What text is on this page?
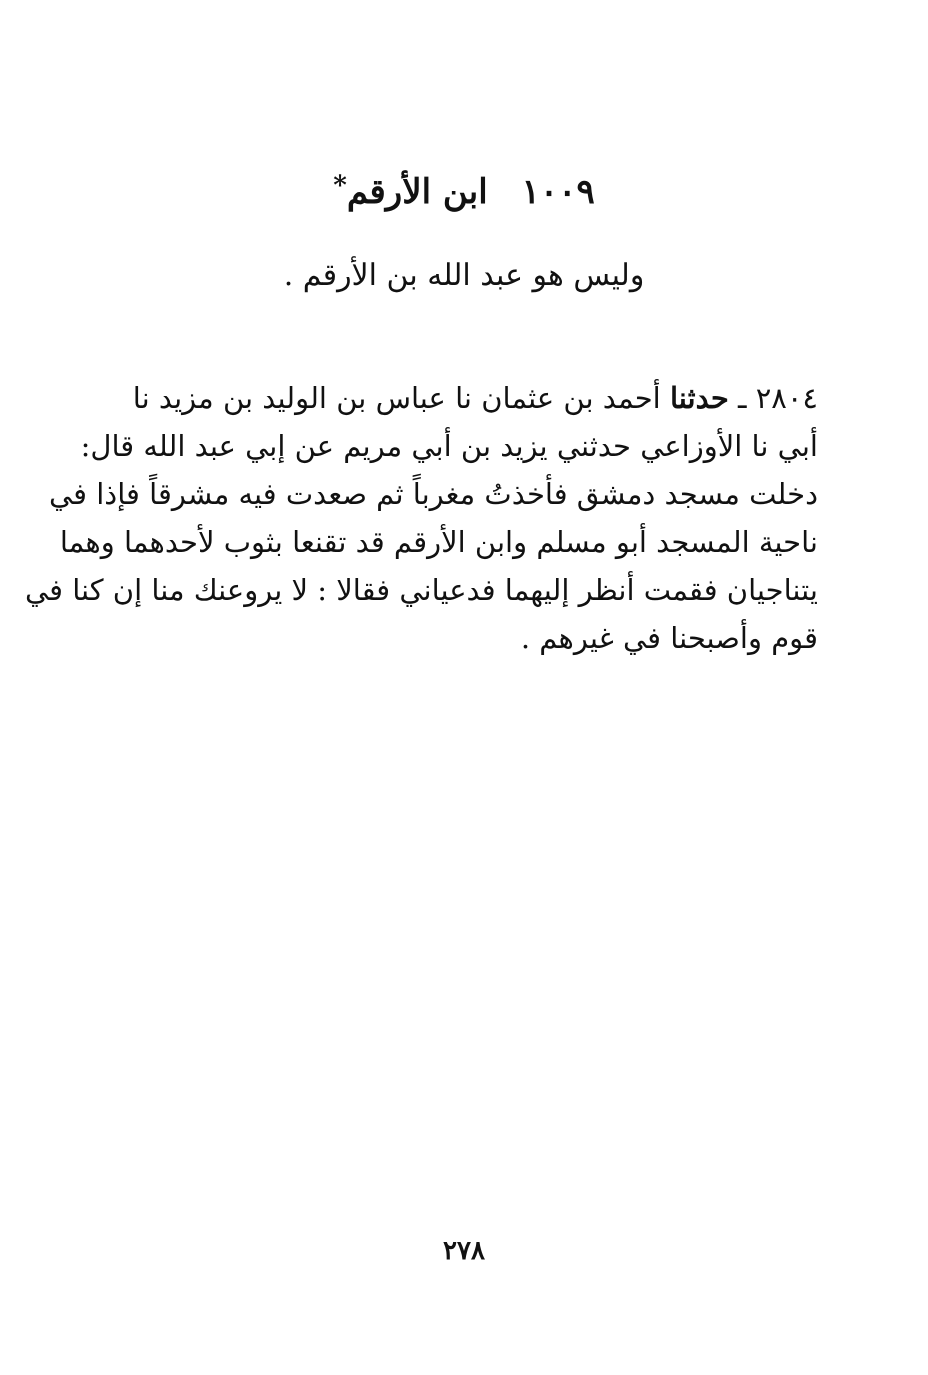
١٠٠٩ابن الأرقم*
وليس هو عبد الله بن الأرقم .
٢٨٠٤ ـ حدثنا أحمد بن عثمان نا عباس بن الوليد بن مزيد نا
أبي نا الأوزاعي حدثني يزيد بن أبي مريم عن إبي عبد الله قال:
دخلت مسجد دمشق فأخذتُ مغرباً ثم صعدت فيه مشرقاً فإذا في
ناحية المسجد أبو مسلم وابن الأرقم قد تقنعا بثوب لأحدهما وهما
يتناجيان فقمت أنظر إليهما فدعياني فقالا : لا يروعنك منا إن كنا في
قوم وأصبحنا في غيرهم .
٢٧٨
